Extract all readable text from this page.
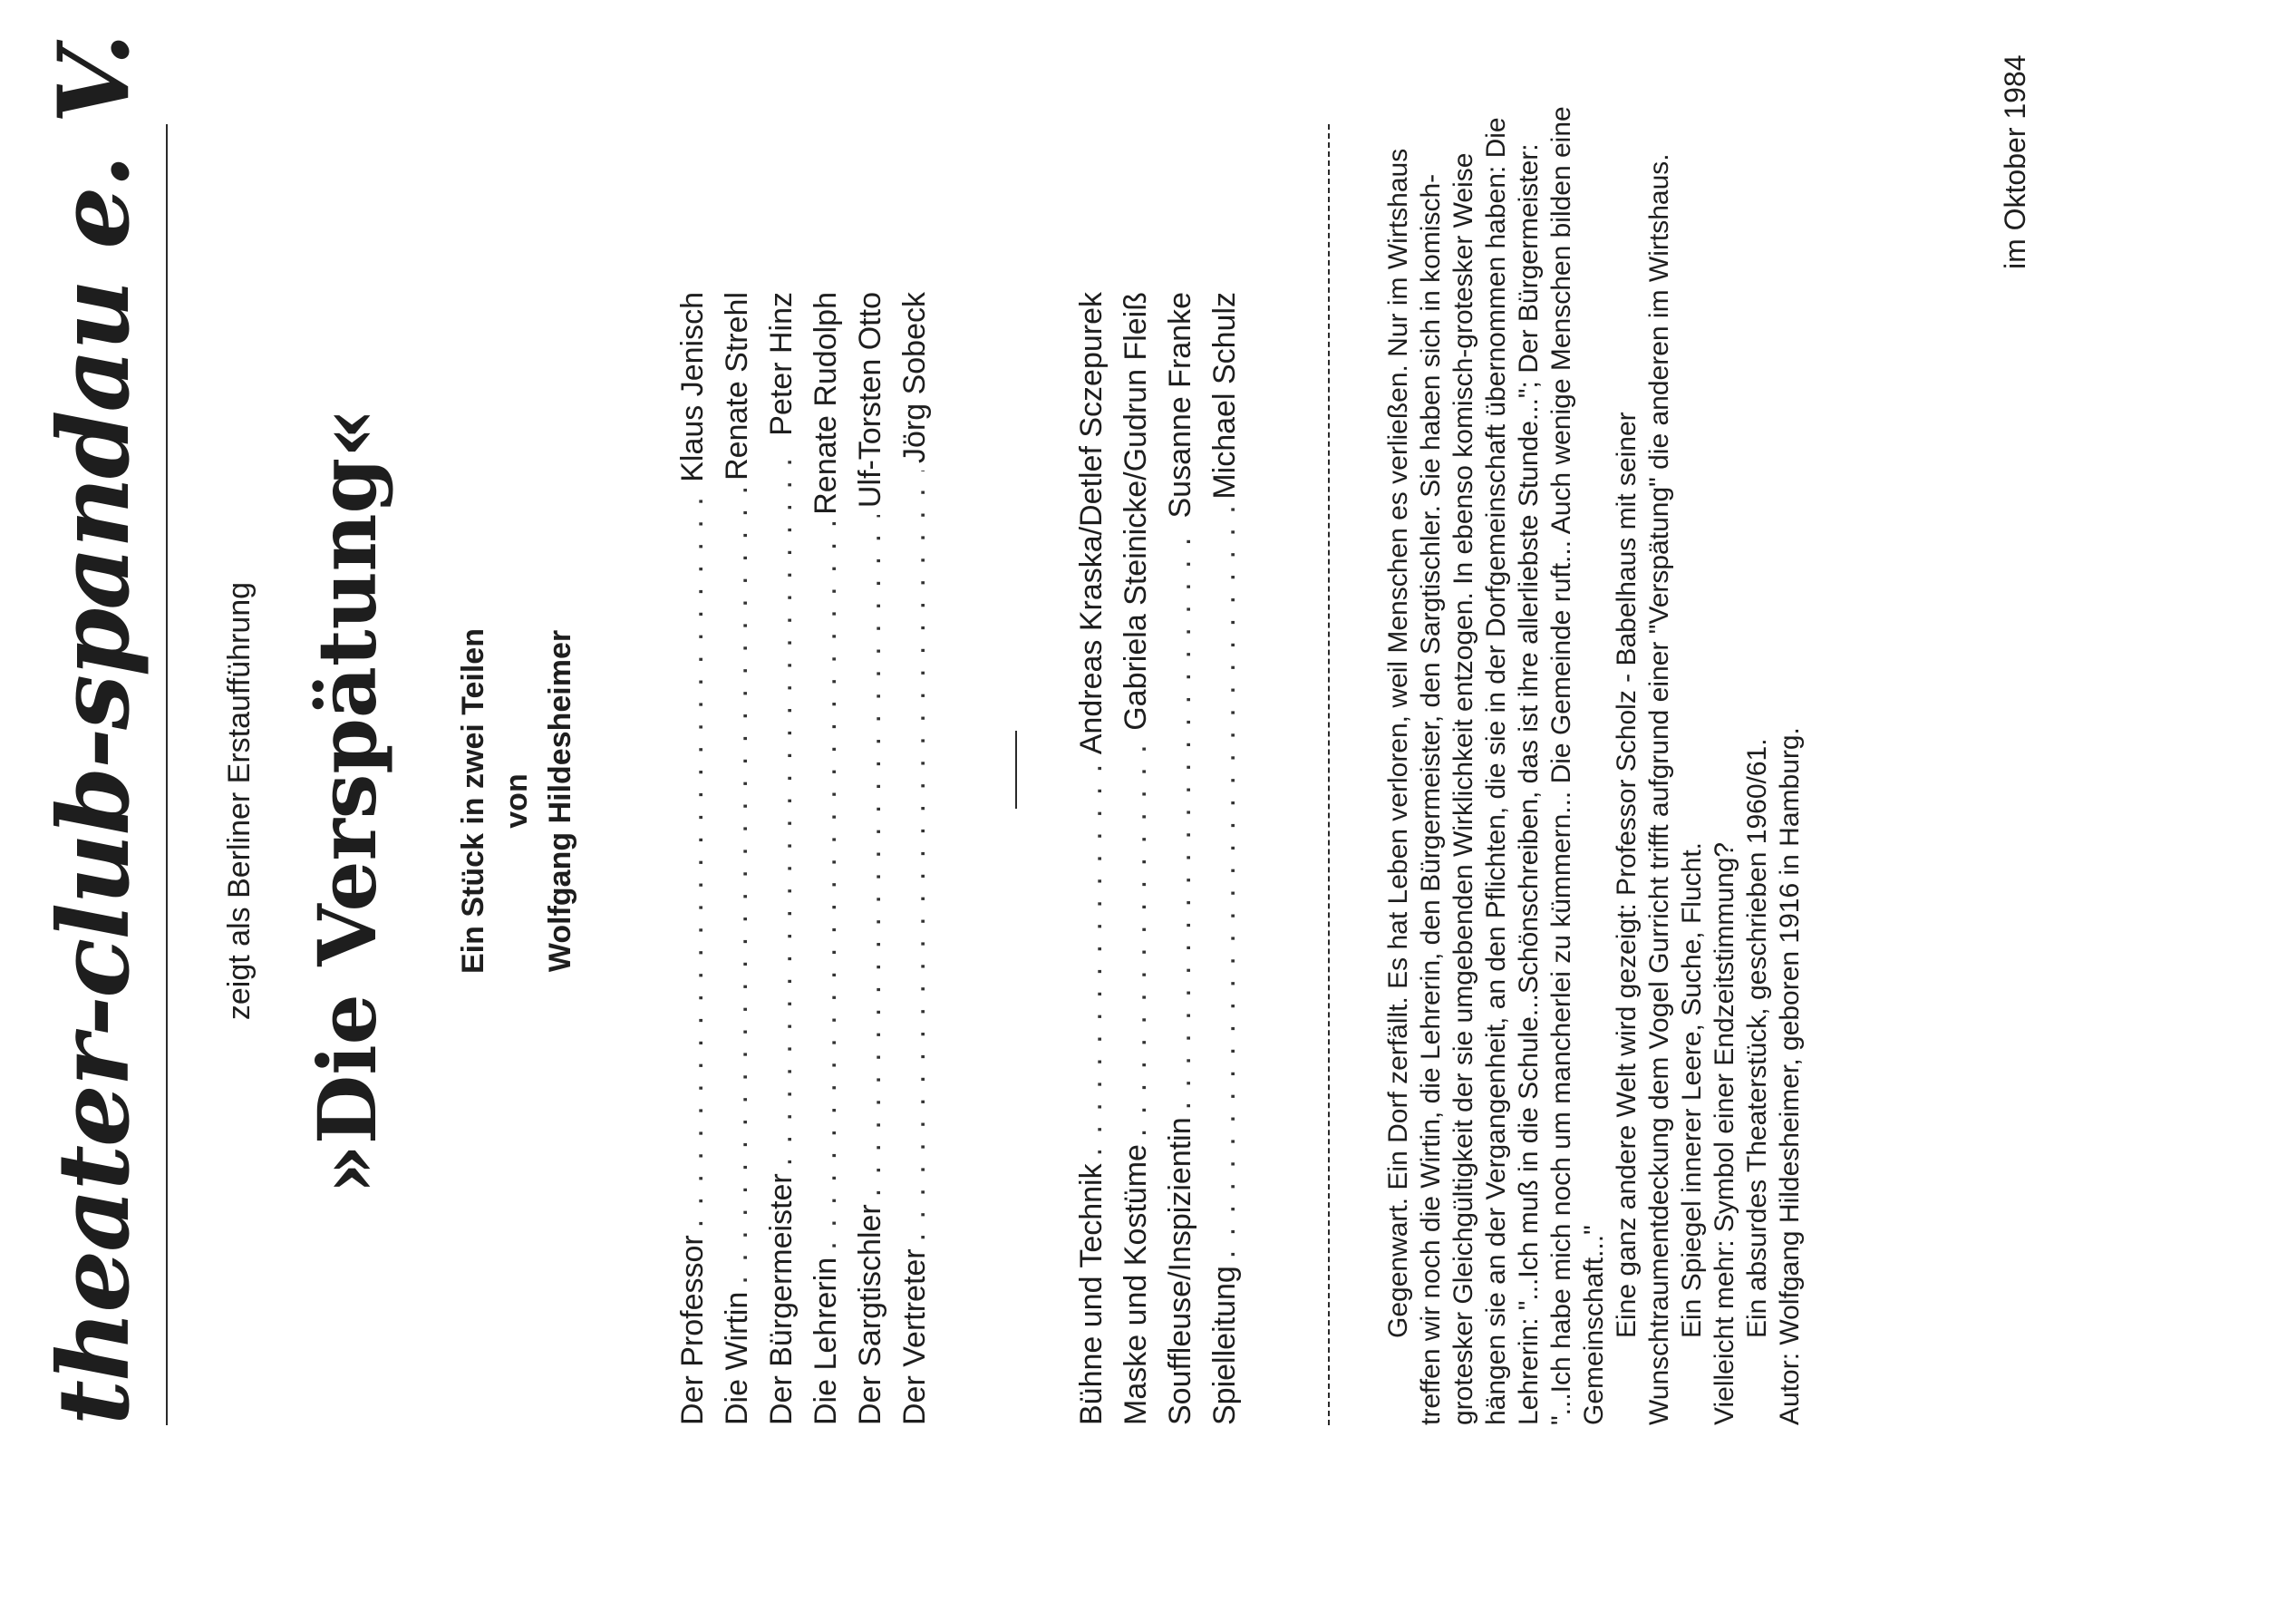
theater-club-spandau e. V. zeigt als Berliner Erstaufführung »Die Verspätung« Ein Stück in zwei Teilen von Wolfgang Hildesheimer
Der Professor
. . .
Klaus Jenisch
Die Wirtin
. . .
Renate Strehl
Der Bürgermeister
. . .
Peter Hinz
Die Lehrerin
. . .
Renate Rudolph
Der Sargtischler
. . .
Ulf-Torsten Otto
Der Vertreter
. . .
Jörg Sobeck
Bühne und Technik
. . .
Andreas Kraska/Detlef Sczepurek
Maske und Kostüme
. . .
Gabriela Steinicke/Gudrun Fleiß
Souffleuse/Inspizientin
. . .
Susanne Franke
Spielleitung
. . .
Michael Schulz	Gegenwart. Ein Dorf zerfällt. Es hat Leben verloren, weil Menschen es verließen. Nur im Wirtshaus treffen wir noch die Wirtin, die Lehrerin, den Bürgermeister, den Sargtischler. Sie haben sich in komisch-grotesker Gleichgültigkeit der sie umgebenden Wirklichkeit entzogen. In ebenso komisch-grotesker Weise hängen sie an der Vergangenheit, an den Pflichten, die sie in der Dorfgemeinschaft übernommen haben: Die Lehrerin: "...Ich muß in die Schule...Schönschreiben, das ist ihre allerliebste Stunde..."; Der Bürgermeister: "...Ich habe mich noch um mancherlei zu kümmern... Die Gemeinde ruft... Auch wenige Menschen bilden eine Gemeinschaft..." Eine ganz andere Welt wird gezeigt: Professor Scholz - Babelhaus mit seiner Wunschtraumentdeckung dem Vogel Gurricht trifft aufgrund einer "Verspätung" die anderen im Wirtshaus. Ein Spiegel innerer Leere, Suche, Flucht. Vielleicht mehr: Symbol einer Endzeitstimmung? Ein absurdes Theaterstück, geschrieben 1960/61. Autor: Wolfgang Hildesheimer, geboren 1916 in Hamburg.

im Oktober 1984
